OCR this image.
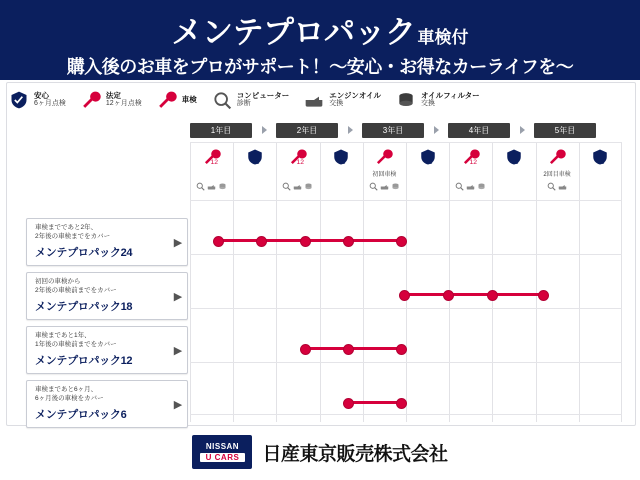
メンテプロパック 車検付
購入後のお車をプロがサポート！～安心・お得なカーライフを～
安心
6ヶ月点検
法定
12ヶ月点検	車検	コンピューター
診断
エンジンオイル
交換
オイルフィルター
交換
1年目	2年目	3年目	4年目	5年目
12	6	12	6
初回車検
6	12	6
2回目車検
6
車検までであと2年、
2年後の車検までをカバー
メンテプロパック24
▶
初回の車検から
2年後の車検前までをカバー
メンテプロパック18
▶
車検まであと1年、
1年後の車検前までをカバー
メンテプロパック12
▶
車検まであと6ヶ月、
6ヶ月後の車検をカバー
メンテプロパック6
▶
NISSAN
U CARS	日産東京販売株式会社
